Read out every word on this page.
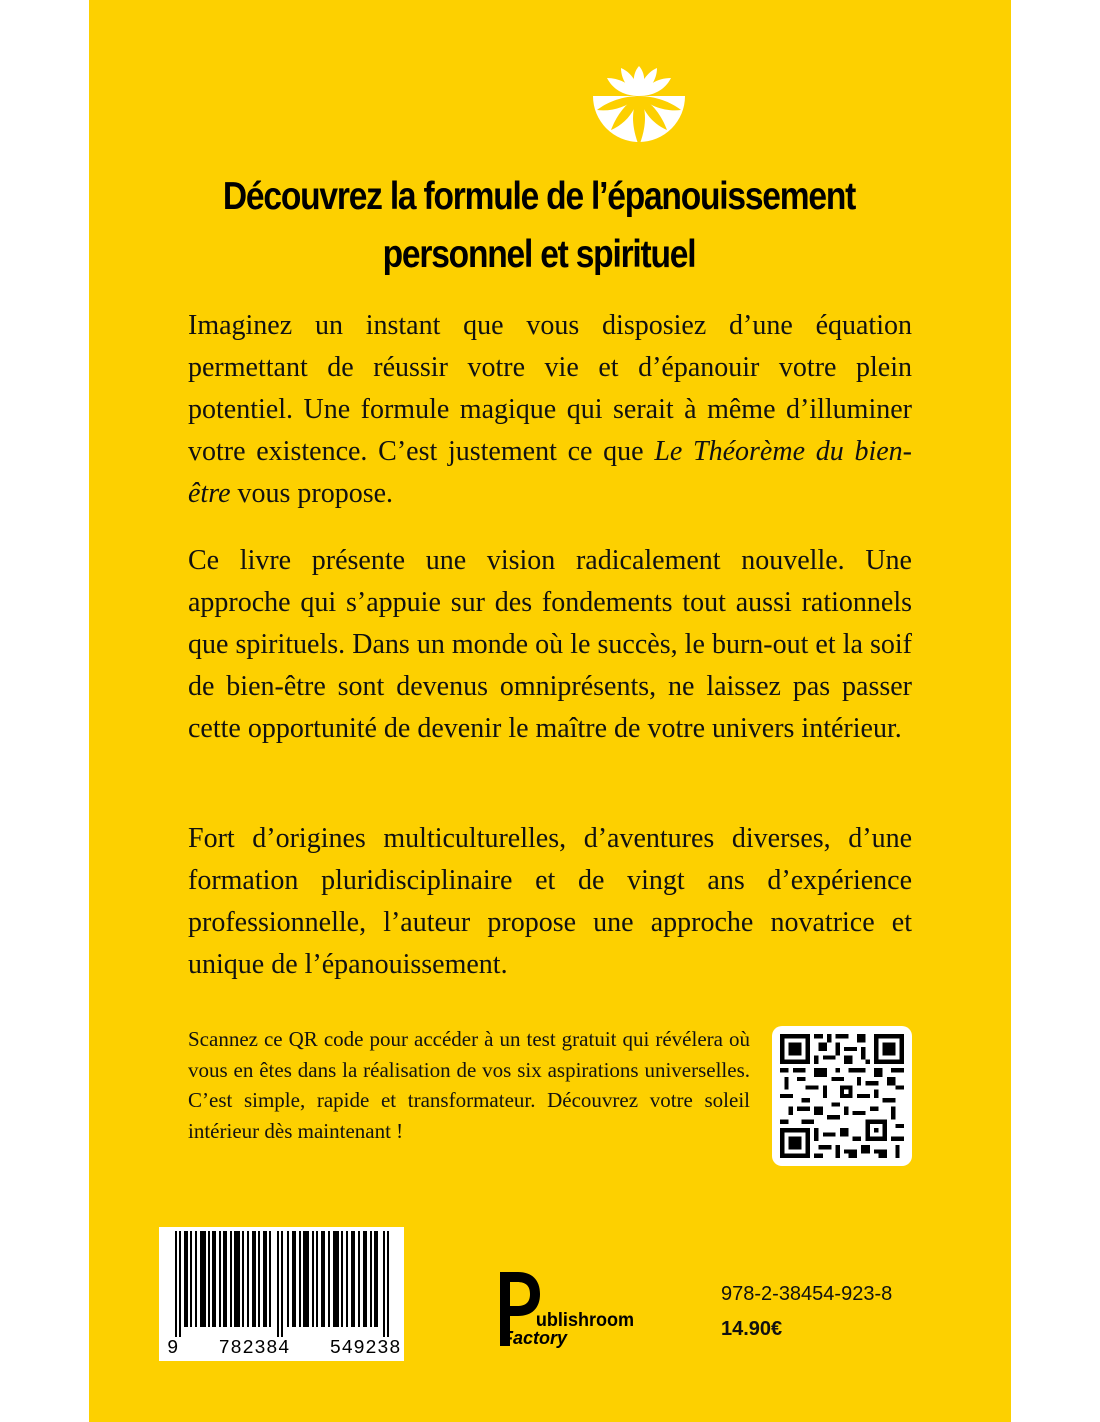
Découvrez la formule de l’épanouissement
personnel et spirituel

Imaginez un instant que vous disposiez d’une équation permettant de réussir votre vie et d’épanouir votre plein potentiel. Une formule magique qui serait à même d’illuminer votre existence. C’est justement ce que Le Théorème du bien-être vous propose.

Ce livre présente une vision radicalement nouvelle. Une approche qui s’appuie sur des fondements tout aussi rationnels que spirituels. Dans un monde où le succès, le burn-out et la soif de bien-être sont devenus omniprésents, ne laissez pas passer cette opportunité de devenir le maître de votre univers intérieur.

Fort d’origines multiculturelles, d’aventures diverses, d’une formation pluridisciplinaire et de vingt ans d’expérience professionnelle, l’auteur propose une approche novatrice et unique de l’épanouissement.

Scannez ce QR code pour accéder à un test gratuit qui révélera où vous en êtes dans la réalisation de vos six aspirations universelles. C’est simple, rapide et transformateur. Découvrez votre soleil intérieur dès maintenant !

9 782384 549238
ublishroom
Factory

978-2-38454-923-8

14.90€
